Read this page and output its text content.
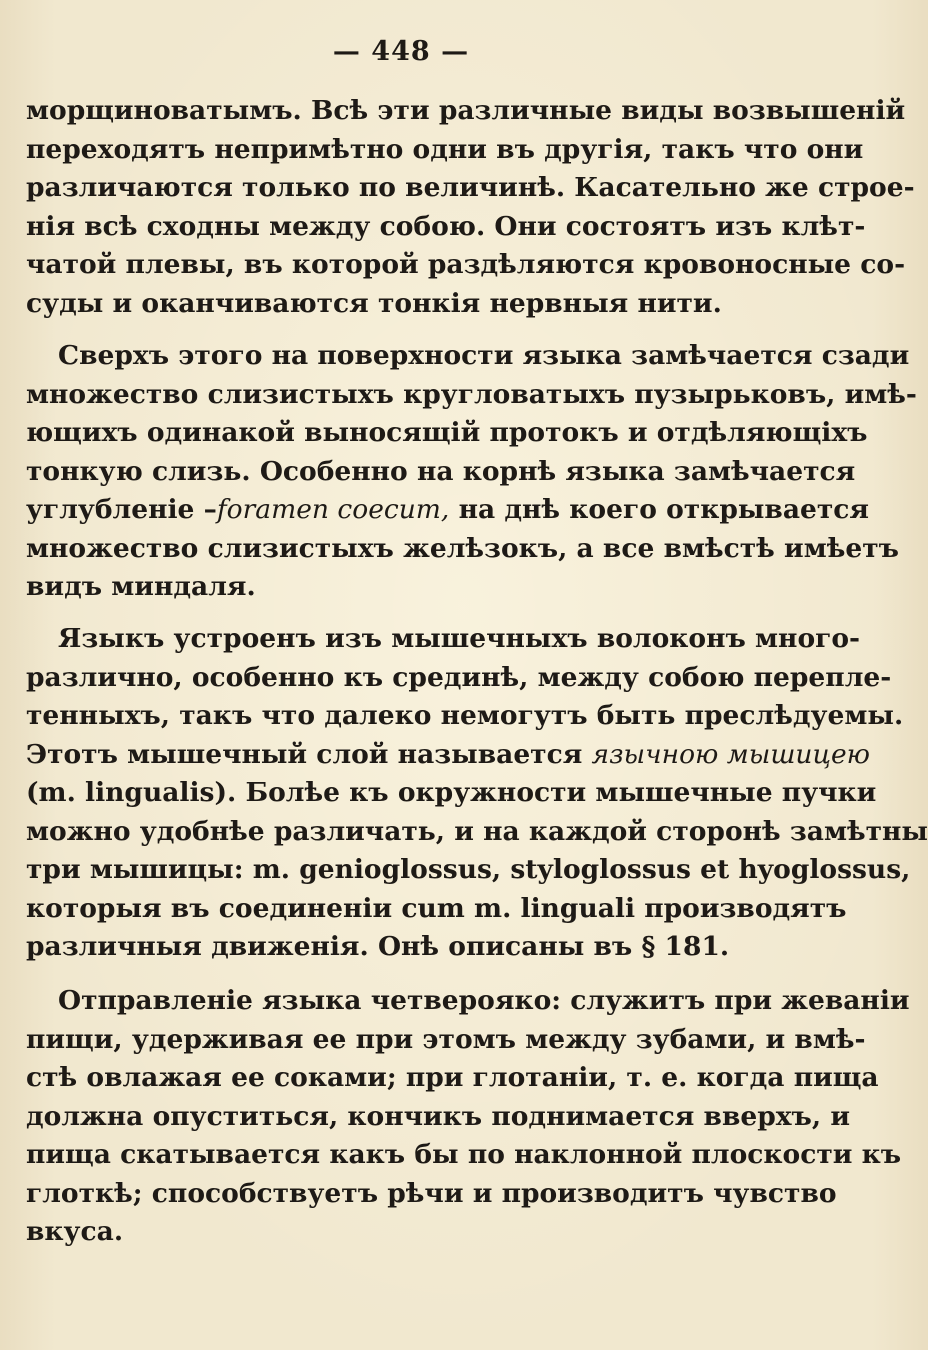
— 448 —
морщиноватымъ. Всѣ эти различные виды возвышеній
переходятъ непримѣтно одни въ другія, такъ что они
различаются только по величинѣ. Касательно же строе-
нія всѣ сходны между собою. Они состоятъ изъ клѣт-
чатой плевы, въ которой раздѣляются кровоносные со-
суды и оканчиваются тонкія нервныя нити.
Сверхъ этого на поверхности языка замѣчается сзади
множество слизистыхъ кругловатыхъ пузырьковъ, имѣ-
ющихъ одинакой выносящій протокъ и отдѣляющіхъ
тонкую слизь. Особенно на корнѣ языка замѣчается
углубленіе –foramen coecum, на днѣ коего открывается
множество слизистыхъ желѣзокъ, а все вмѣстѣ имѣетъ
видъ миндаля.
Языкъ устроенъ изъ мышечныхъ волоконъ много-
различно, особенно къ срединѣ, между собою перепле-
тенныхъ, такъ что далеко немогутъ быть преслѣдуемы.
Этотъ мышечный слой называется язычною мышицею
(m. lingualis). Болѣе къ окружности мышечные пучки
можно удобнѣе различать, и на каждой сторонѣ замѣтны
три мышицы: m. genioglossus, styloglossus et hyoglossus,
которыя въ соединеніи cum m. linguali производятъ
различныя движенія. Онѣ описаны въ § 181.
Отправленіе языка четвероякo: служитъ при жеваніи
пищи, удерживая ее при этомъ между зубами, и вмѣ-
стѣ овлажая ее соками; при глотаніи, т. е. когда пища
должна опуститься, кончикъ поднимается вверхъ, и
пища скатывается какъ бы по наклонной плоскости къ
глоткѣ; способствуетъ рѣчи и производитъ чувство
вкуса.
